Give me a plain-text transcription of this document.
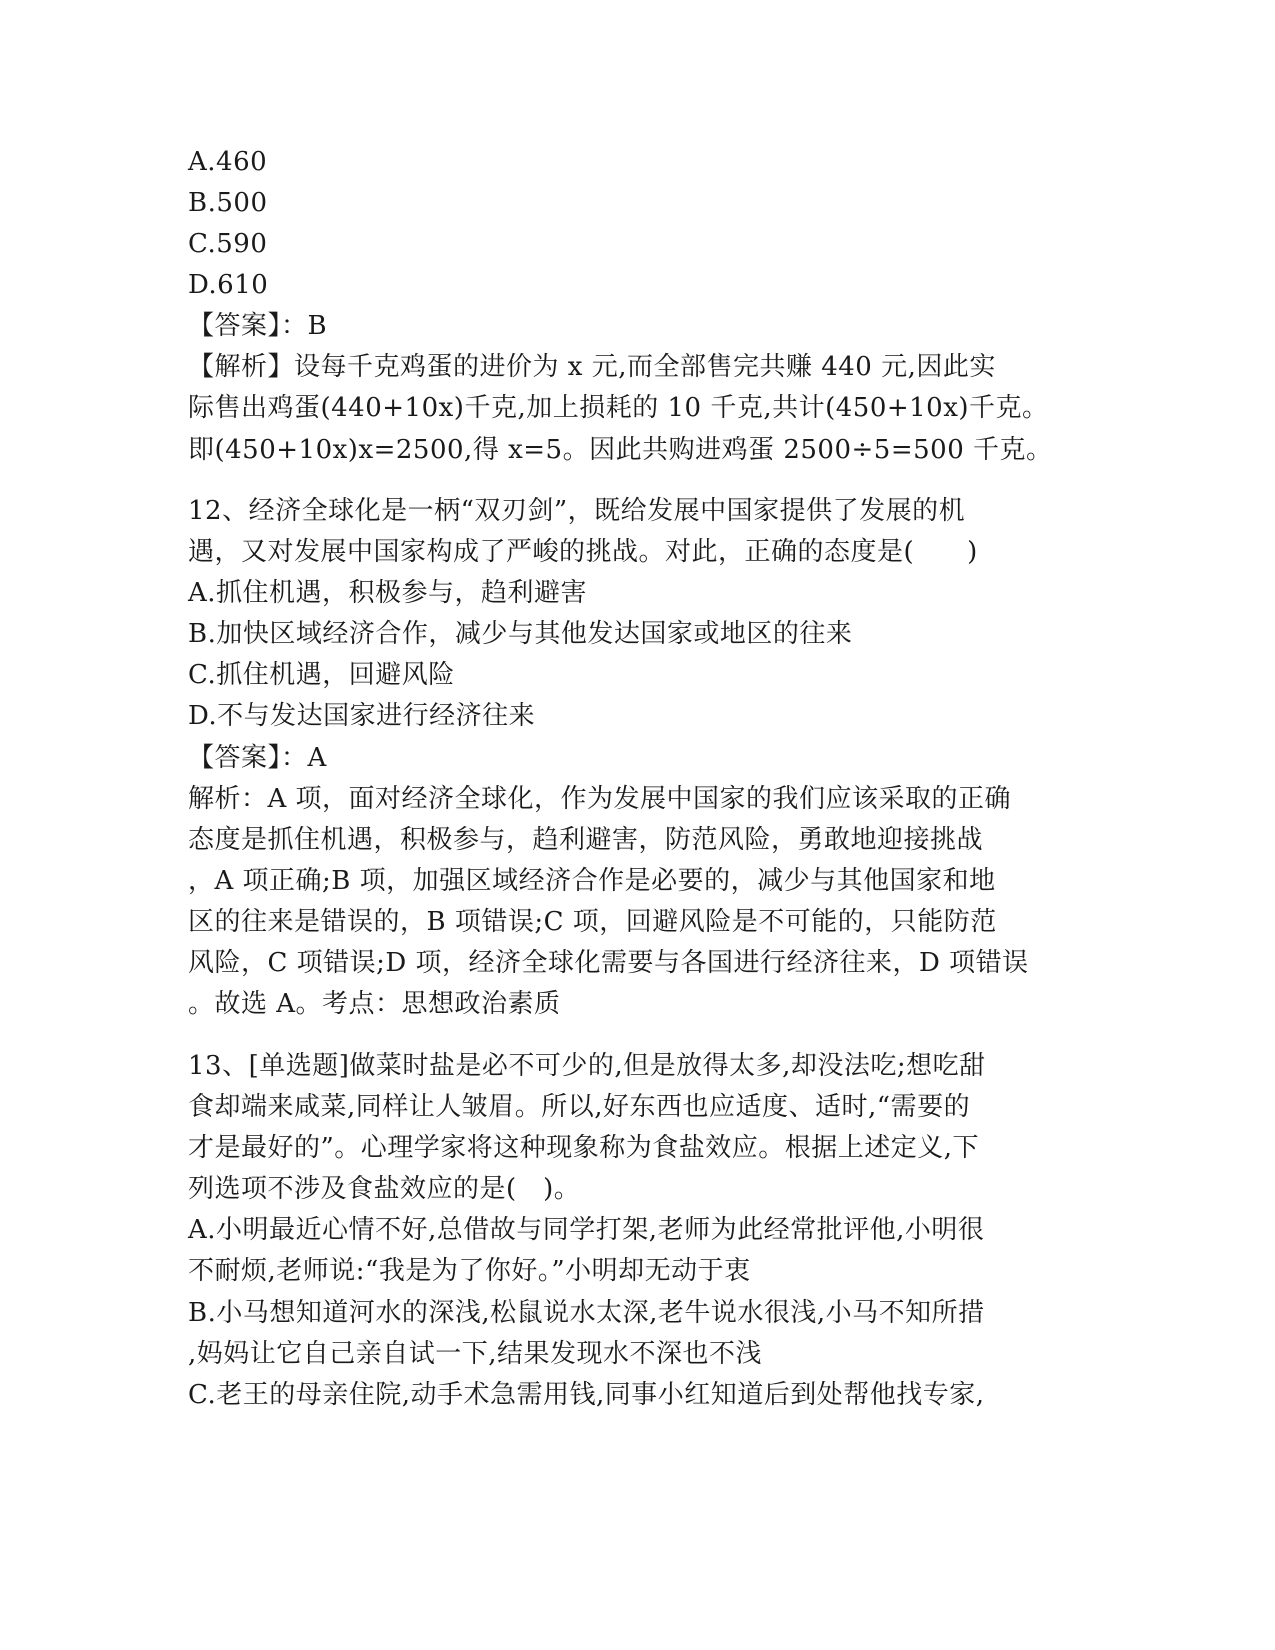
A.460
B.500
C.590
D.610
【答案】：B
【解析】设每千克鸡蛋的进价为 x 元,而全部售完共赚 440 元,因此实
际售出鸡蛋(440+10x)千克,加上损耗的 10 千克,共计(450+10x)千克。
即(450+10x)x=2500,得 x=5。因此共购进鸡蛋 2500÷5=500 千克。
12、经济全球化是一柄“双刃剑”，既给发展中国家提供了发展的机
遇，又对发展中国家构成了严峻的挑战。对此，正确的态度是(　　)
A.抓住机遇，积极参与，趋利避害
B.加快区域经济合作，减少与其他发达国家或地区的往来
C.抓住机遇，回避风险
D.不与发达国家进行经济往来
【答案】：A
解析：A 项，面对经济全球化，作为发展中国家的我们应该采取的正确
态度是抓住机遇，积极参与，趋利避害，防范风险，勇敢地迎接挑战
，A 项正确;B 项，加强区域经济合作是必要的，减少与其他国家和地
区的往来是错误的，B 项错误;C 项，回避风险是不可能的，只能防范
风险，C 项错误;D 项，经济全球化需要与各国进行经济往来，D 项错误
。故选 A。考点：思想政治素质
13、[单选题]做菜时盐是必不可少的,但是放得太多,却没法吃;想吃甜
食却端来咸菜,同样让人皱眉。所以,好东西也应适度、适时,“需要的
才是最好的”。心理学家将这种现象称为食盐效应。根据上述定义,下
列选项不涉及食盐效应的是(　)。
A.小明最近心情不好,总借故与同学打架,老师为此经常批评他,小明很
不耐烦,老师说:“我是为了你好。”小明却无动于衷
B.小马想知道河水的深浅,松鼠说水太深,老牛说水很浅,小马不知所措
,妈妈让它自己亲自试一下,结果发现水不深也不浅
C.老王的母亲住院,动手术急需用钱,同事小红知道后到处帮他找专家,
